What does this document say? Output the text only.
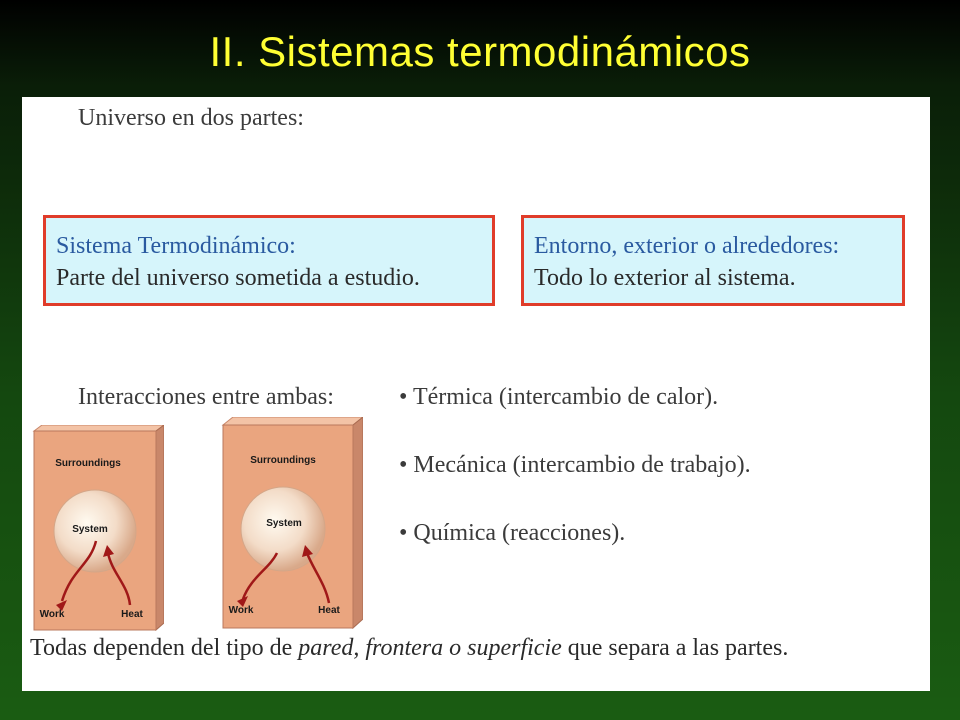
II. Sistemas termodinámicos
Universo en dos partes:
Sistema Termodinámico:
Parte del universo sometida a estudio.
Entorno, exterior o alrededores:
Todo lo exterior al sistema.
Interacciones entre ambas:	• Térmica (intercambio de calor).
• Mecánica (intercambio de trabajo).
• Química (reacciones).
Surroundings
System
Work	Heat
Surroundings
System
Work	Heat
Todas dependen del tipo de pared, frontera o superficie que separa a las partes.
